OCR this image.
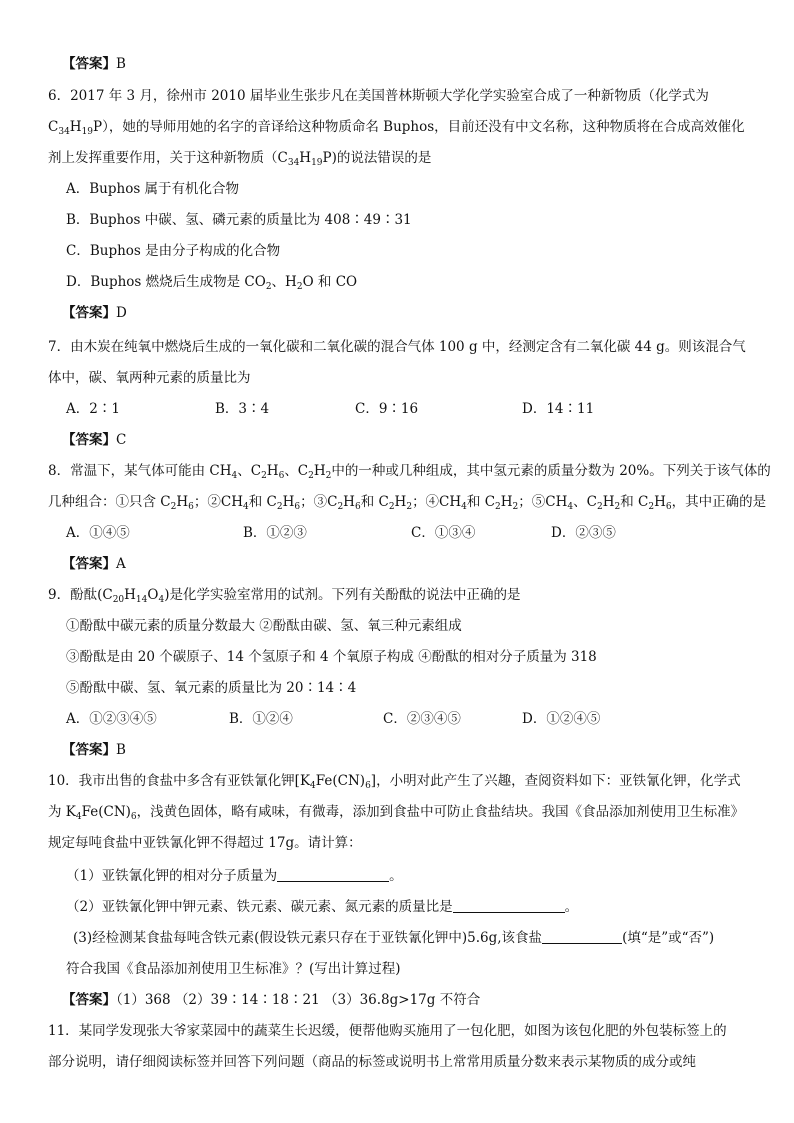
【答案】B
6．2017 年 3 月，徐州市 2010 届毕业生张步凡在美国普林斯顿大学化学实验室合成了一种新物质（化学式为
$C_{34}H_{19}P$），她的导师用她的名字的音译给这种物质命名 Buphos，目前还没有中文名称，这种物质将在合成高效催化
剂上发挥重要作用，关于这种新物质$(C_{34}H_{19}P)$的说法错误的是
A．Buphos 属于有机化合物
B．Buphos 中碳、氢、磷元素的质量比为 408∶49∶31
C．Buphos 是由分子构成的化合物
D．Buphos 燃烧后生成物是 $CO_2$、$H_2O$ 和 CO
【答案】D
7．由木炭在纯氧中燃烧后生成的一氧化碳和二氧化碳的混合气体 100 g 中，经测定含有二氧化碳 44 g。则该混合气
体中，碳、氧两种元素的质量比为
A．2∶1	B．3∶4	C．9∶16	D．14∶11
【答案】C
8．常温下，某气体可能由 $CH_4$、$C_2H_6$、$C_2H_2$中的一种或几种组成，其中氢元素的质量分数为 20%。下列关于该气体的
几种组合：①只含 $C_2H_6$；$②CH_4$和 $C_2H_6$；$③C_2H_6$和 $C_2H_2$；$④CH_4$和 $C_2H_2$；$⑤CH_4$、$C_2H_2$和 $C_2H_6$，其中正确的是
A．①④⑤	B．①②③	C．①③④	D．②③⑤
【答案】A
9．酚酞$(C_{20}H_{14}O_4)$是化学实验室常用的试剂。下列有关酚酞的说法中正确的是
①酚酞中碳元素的质量分数最大 ②酚酞由碳、氢、氧三种元素组成
③酚酞是由 20 个碳原子、14 个氢原子和 4 个氧原子构成 ④酚酞的相对分子质量为 318
⑤酚酞中碳、氢、氧元素的质量比为 20∶14∶4
A．①②③④⑤	B．①②④	C．②③④⑤	D．①②④⑤
【答案】B
10．我市出售的食盐中多含有亚铁氰化钾$[K_4Fe(CN)_6]$，小明对此产生了兴趣，查阅资料如下：亚铁氰化钾，化学式
为 $K_4Fe(CN)_6$，浅黄色固体，略有咸味，有微毒，添加到食盐中可防止食盐结块。我国《食品添加剂使用卫生标准》
规定每吨食盐中亚铁氰化钾不得超过 17g。请计算：
（1）亚铁氰化钾的相对分子质量为	。
（2）亚铁氰化钾中钾元素、铁元素、碳元素、氮元素的质量比是	。
(3)经检测某食盐每吨含铁元素(假设铁元素只存在于亚铁氰化钾中)5.6g,该食盐	(填“是”或“否”)
符合我国《食品添加剂使用卫生标准》？(写出计算过程)
【答案】（1）368 （2）39∶14∶18∶21 （3）36.8g>17g 不符合
11．某同学发现张大爷家菜园中的蔬菜生长迟缓，便帮他购买施用了一包化肥，如图为该包化肥的外包装标签上的
部分说明，请仔细阅读标签并回答下列问题（商品的标签或说明书上常常用质量分数来表示某物质的成分或纯
